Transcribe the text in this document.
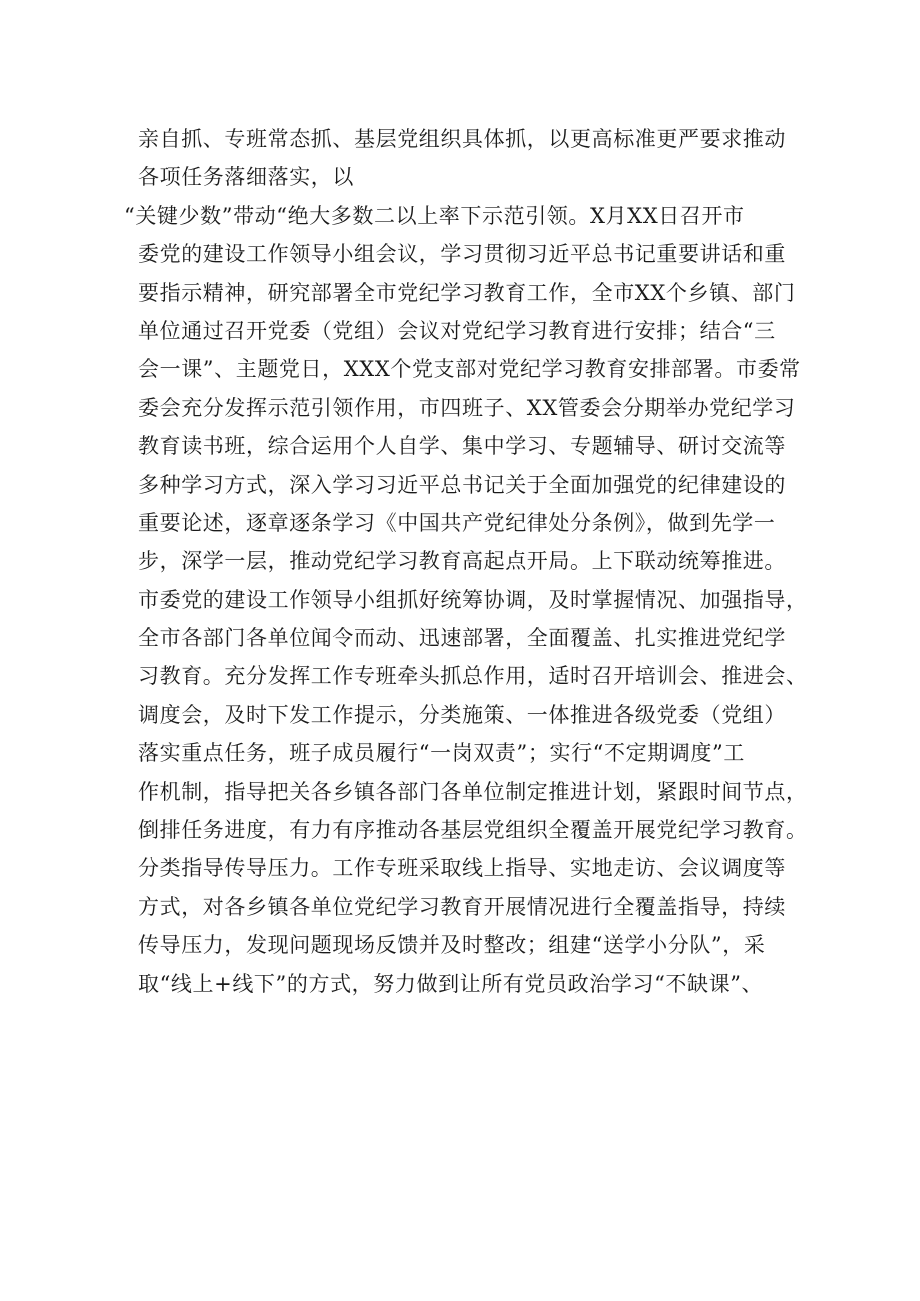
亲自抓、专班常态抓、基层党组织具体抓，以更高标准更严要求推动
各项任务落细落实，以
“关键少数”带动“绝大多数二以上率下示范引领。X月XX日召开市
委党的建设工作领导小组会议，学习贯彻习近平总书记重要讲话和重
要指示精神，研究部署全市党纪学习教育工作，全市XX个乡镇、部门
单位通过召开党委（党组）会议对党纪学习教育进行安排；结合“三
会一课”、主题党日，XXX个党支部对党纪学习教育安排部署。市委常
委会充分发挥示范引领作用，市四班子、XX管委会分期举办党纪学习
教育读书班，综合运用个人自学、集中学习、专题辅导、研讨交流等
多种学习方式，深入学习习近平总书记关于全面加强党的纪律建设的
重要论述，逐章逐条学习《中国共产党纪律处分条例》，做到先学一
步，深学一层，推动党纪学习教育高起点开局。上下联动统筹推进。
市委党的建设工作领导小组抓好统筹协调，及时掌握情况、加强指导，
全市各部门各单位闻令而动、迅速部署，全面覆盖、扎实推进党纪学
习教育。充分发挥工作专班牵头抓总作用，适时召开培训会、推进会、
调度会，及时下发工作提示，分类施策、一体推进各级党委（党组）
落实重点任务，班子成员履行“一岗双责”；实行“不定期调度”工
作机制，指导把关各乡镇各部门各单位制定推进计划，紧跟时间节点，
倒排任务进度，有力有序推动各基层党组织全覆盖开展党纪学习教育。
分类指导传导压力。工作专班采取线上指导、实地走访、会议调度等
方式，对各乡镇各单位党纪学习教育开展情况进行全覆盖指导，持续
传导压力，发现问题现场反馈并及时整改；组建“送学小分队”，采
取“线上+线下”的方式，努力做到让所有党员政治学习“不缺课”、
